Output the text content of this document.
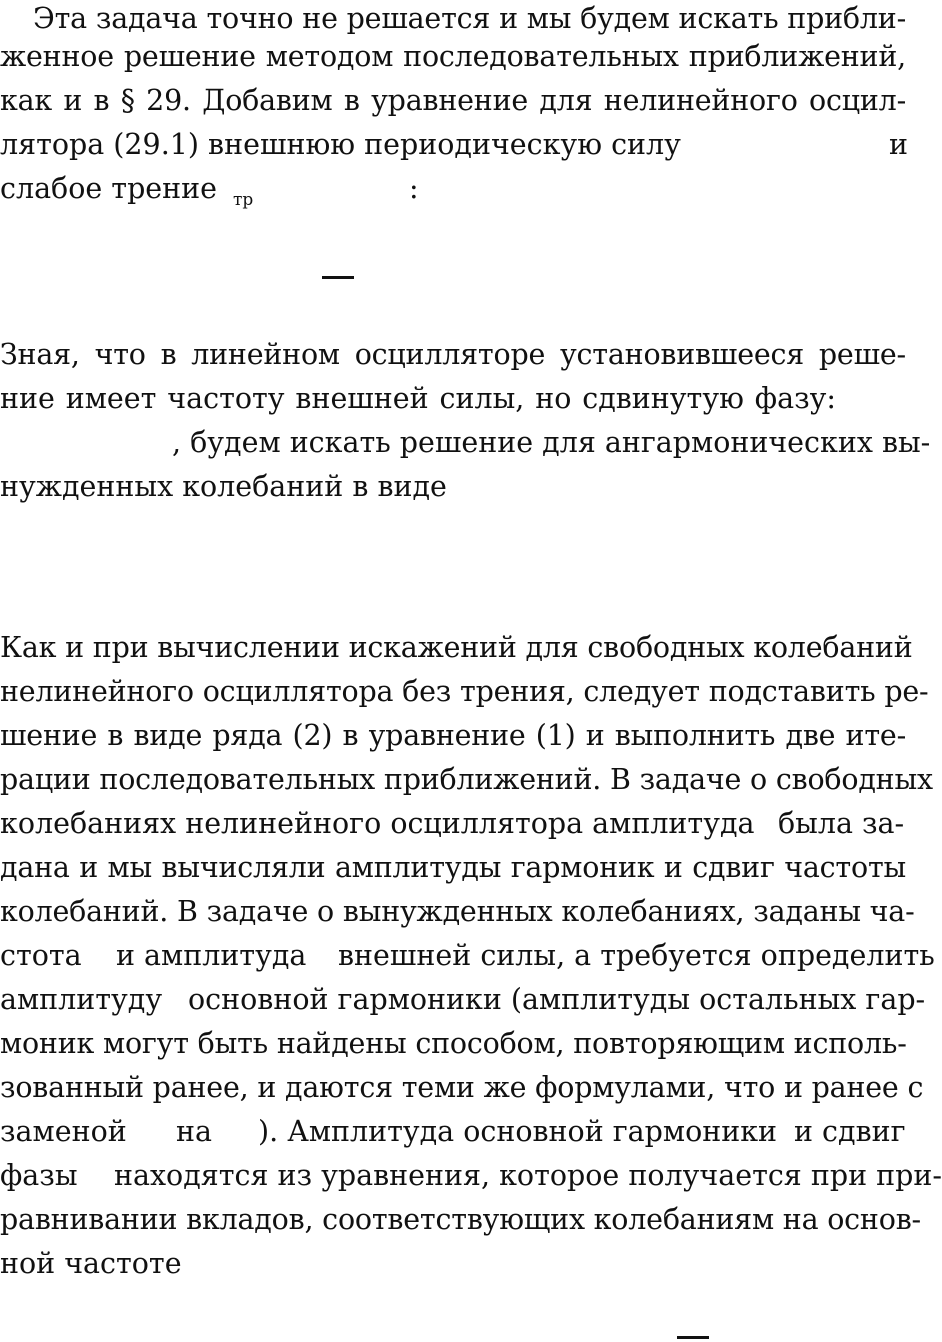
Эта задача точно не решается и мы будем искать прибли-
женное решение методом последовательных приближений,
как и в § 29. Добавим в уравнение для нелинейного осцил-
лятора (29.1) внешнюю периодическую силу	и
слабое трение тр	:
Зная, что в линейном осцилляторе установившееся реше-
ние имеет частоту внешней силы, но сдвинутую фазу:
, будем искать решение для ангармонических вы-
нужденных колебаний в виде
Как и при вычислении искажений для свободных колебаний
нелинейного осциллятора без трения, следует подставить ре-
шение в виде ряда (2) в уравнение (1) и выполнить две ите-
рации последовательных приближений. В задаче о свободных
колебаниях нелинейного осциллятора амплитуда была за-
дана и мы вычисляли амплитуды гармоник и сдвиг частоты
колебаний. В задаче о вынужденных колебаниях, заданы ча-
стота и амплитуда внешней силы, а требуется определить
амплитуду основной гармоники (амплитуды остальных гар-
моник могут быть найдены способом, повторяющим исполь-
зованный ранее, и даются теми же формулами, что и ранее с
заменой на ). Амплитуда основной гармоники и сдвиг
фазы находятся из уравнения, которое получается при при-
равнивании вкладов, соответствующих колебаниям на основ-
ной частоте
